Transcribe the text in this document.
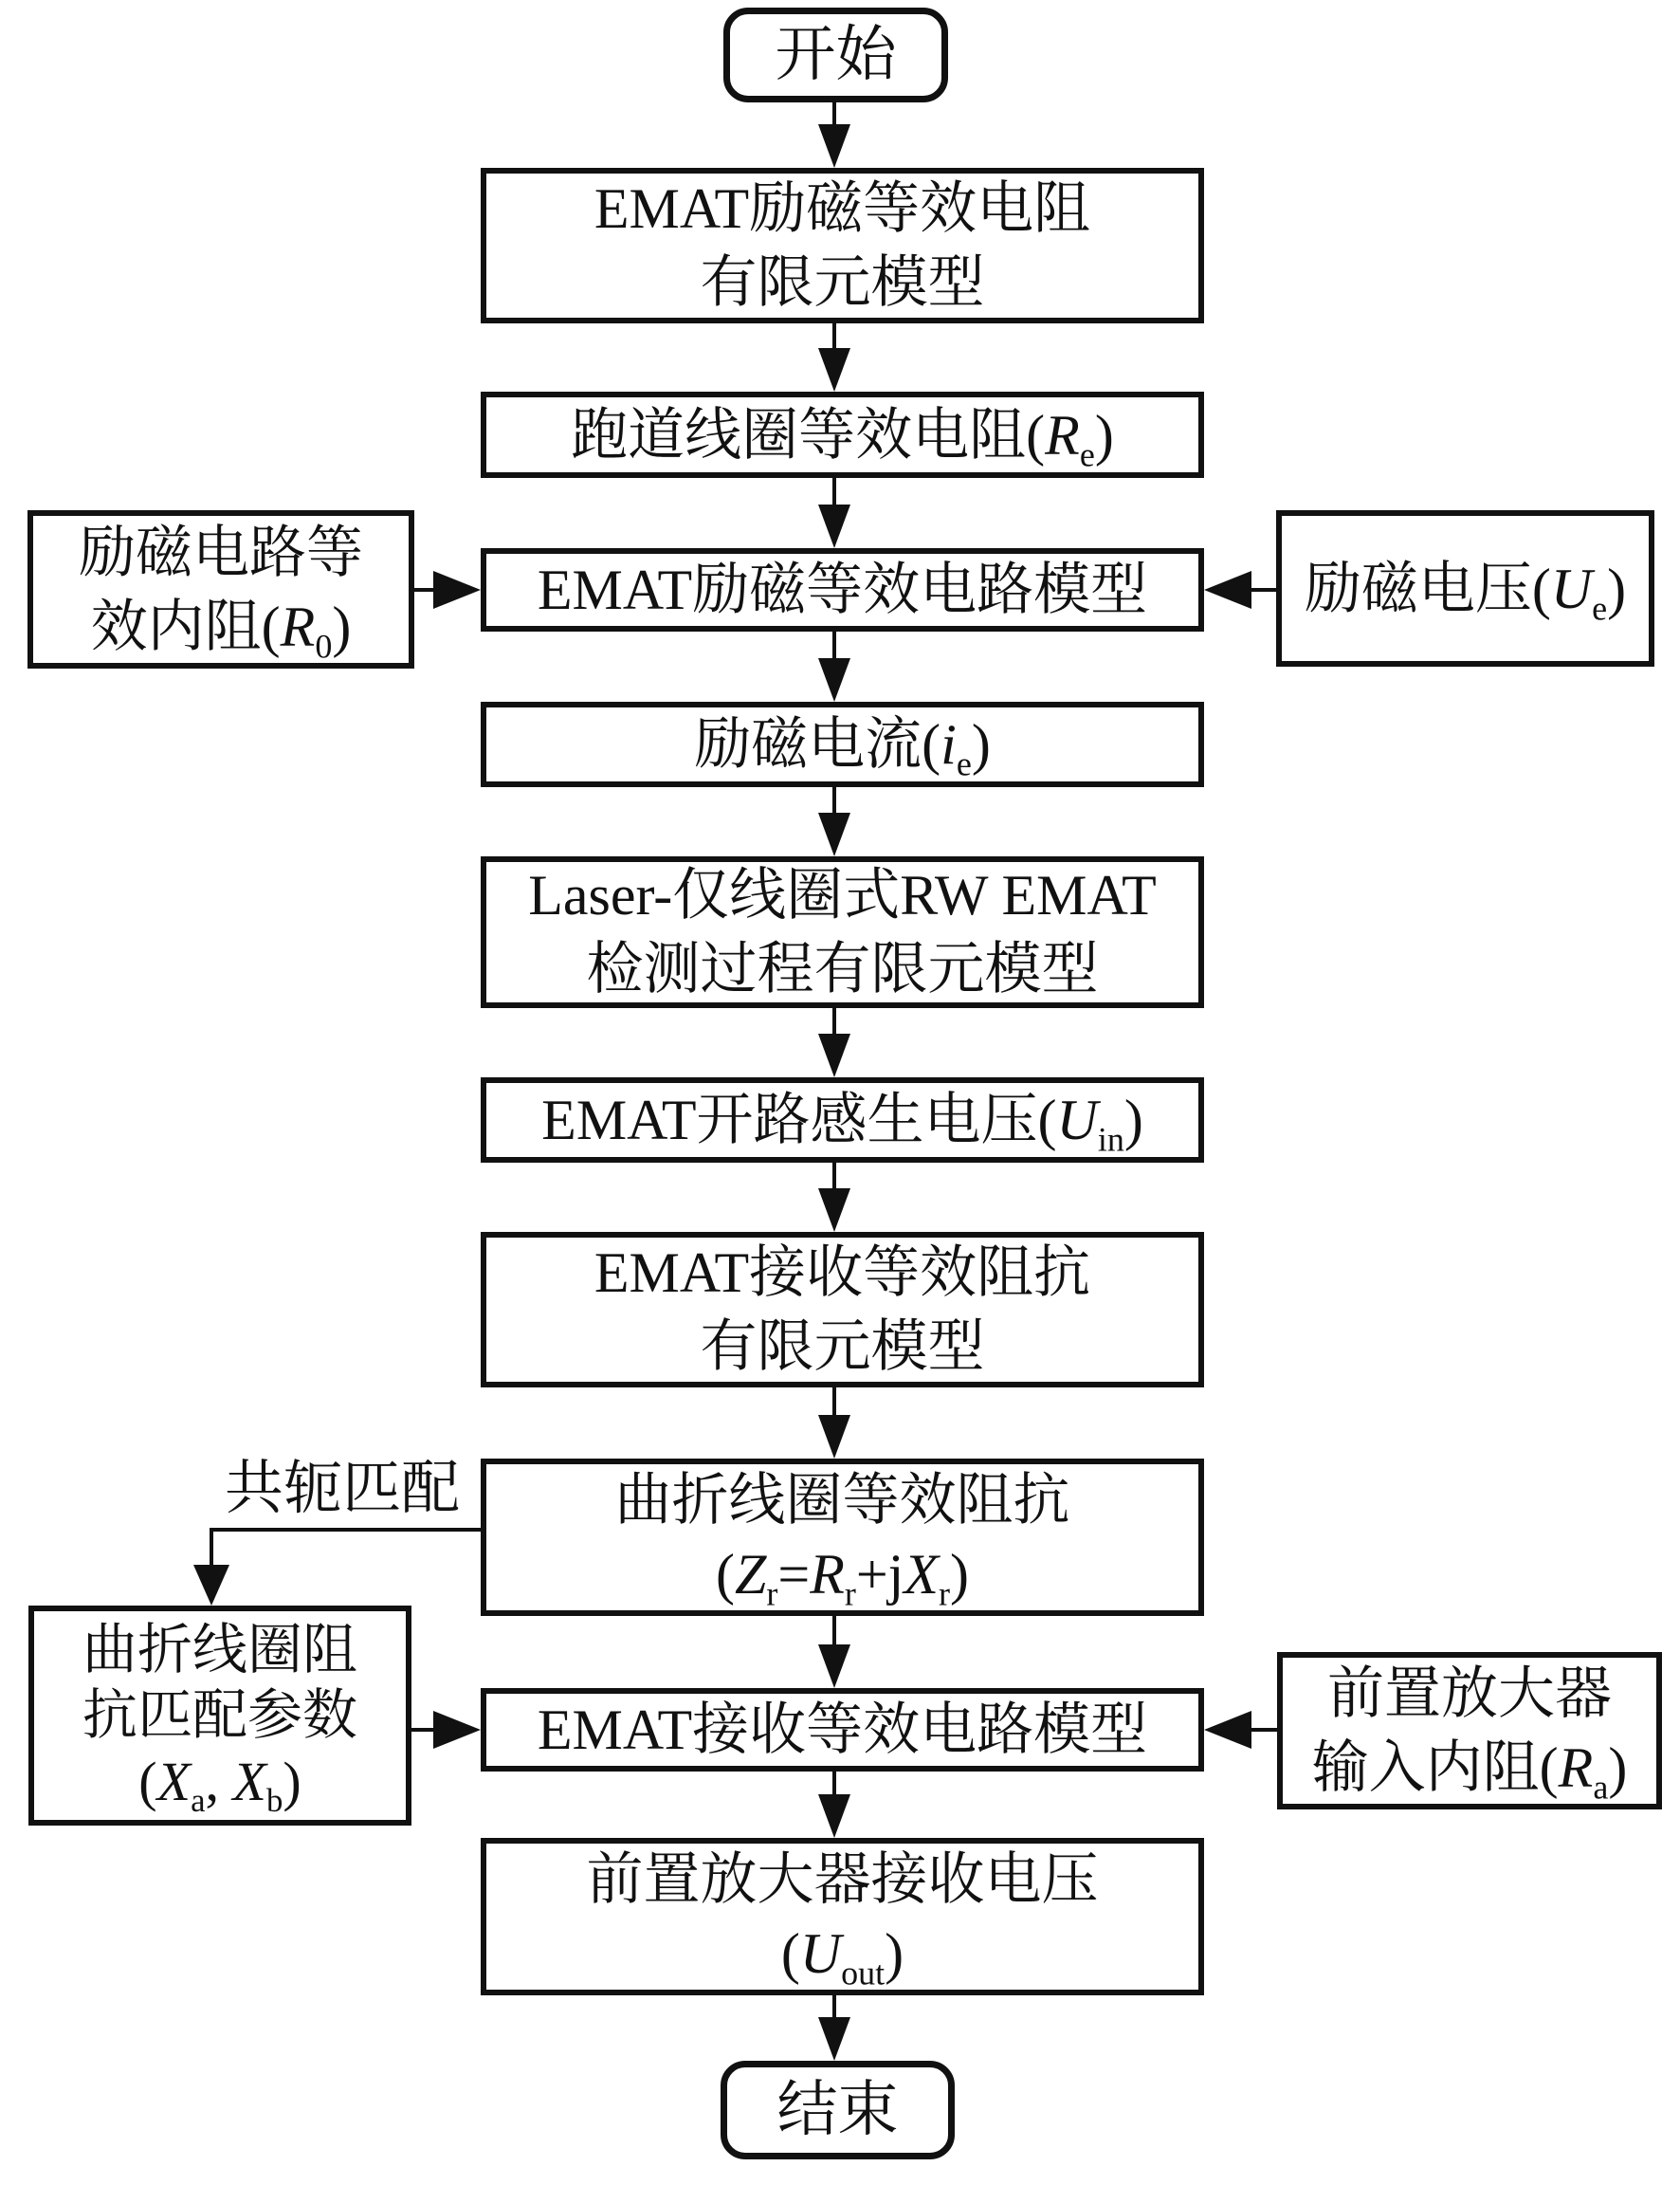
开始
结束
EMAT励磁等效电阻
有限元模型
跑道线圈等效电阻$(R_e)$
EMAT励磁等效电路模型
励磁电流$(i_e)$
Laser-仅线圈式RW EMAT
检测过程有限元模型
EMAT开路感生电压$(U_{in})$
EMAT接收等效阻抗
有限元模型
曲折线圈等效阻抗
$(Z_r=R_r+jX_r)$
EMAT接收等效电路模型
前置放大器接收电压
$(U_{out})$
励磁电路等
效内阻$(R_0)$
励磁电压$(U_e)$
曲折线圈阻
抗匹配参数
($X_a$, $X_b$)
前置放大器
输入内阻$(R_a)$
共轭匹配
